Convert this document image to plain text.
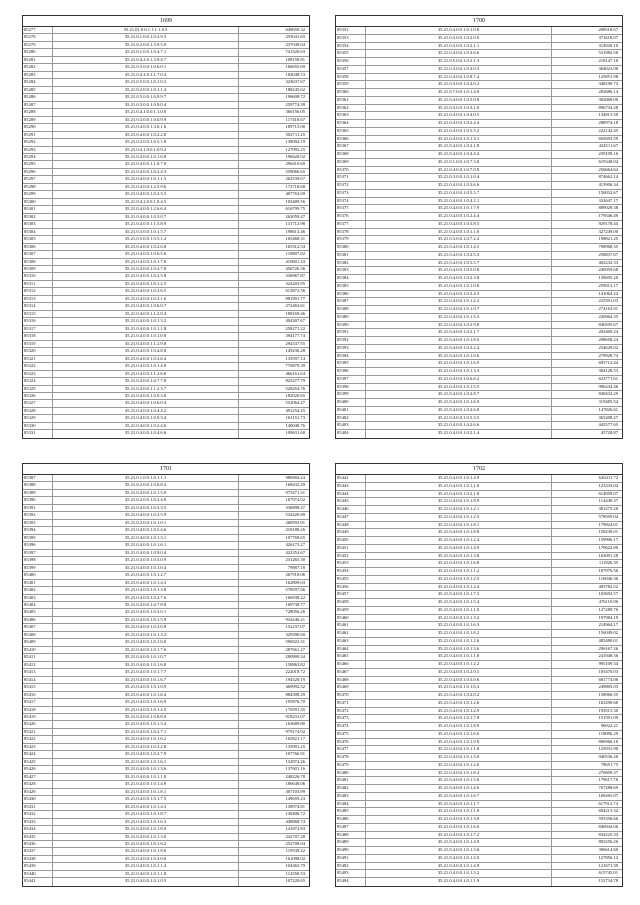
1699
85277	35.21.01.0.0.1.1.1.1.0.5	649650.32
85278	35.21.0.1.0.0.1.0.3.9.3	255041.65
85279	35.21.0.2.0.0.1.3.9.5.0	237049.04
85280	35.21.0.1.0.0.1.0.4.7.1	741520.63
85281	35.21.0.4.2.0.1.3.9.4.7	108158.81
85282	35.21.0.3.0.0.1.0.6.0.1	166655.69
85283	35.21.0.4.2.0.1.1.7.0.4	182048.53
85284	35.21.0.5.0.0.1.0.1.0.3	323637.67
85285	35.21.0.2.0.0.1.0.1.1.4	188245.62
85286	35.21.0.5.0.0.1.0.9.9.7	196608.72
85287	35.21.0.3.0.0.1.0.9.0.4	259774.39
85288	35.21.0.4.1.0.0.1.1.0.8	360156.05
85289	35.21.0.3.0.0.1.0.0.9.9	117418.67
85290	35.21.0.4.0.0.1.3.0.1.6	189715.00
85291	35.21.0.4.0.0.1.0.2.2.8	502711.25
85292	35.21.0.2.0.0.1.0.5.1.8	138094.19
85293	35.21.0.4.1.0.0.1.0.9.2	127092.25
85294	35.21.0.4.0.0.1.0.1.6.8	196620.02
85295	35.21.0.4.0.0.1.1.0.7.0	296410.69
85296	35.21.0.4.0.0.1.0.2.4.3	558066.65
85297	35.21.0.4.0.0.1.0.1.1.5	262539.67
85298	35.21.0.4.0.0.1.2.5.9.6	172718.68
85299	35.21.0.4.0.0.1.0.2.3.5	407763.69
85300	35.21.0.4.2.0.0.1.0.4.5	103409.56
85301	35.21.0.4.0.0.1.2.6.6.4	616799.75
85302	35.21.0.4.0.0.1.0.3.0.7	263059.47
85303	35.21.0.4.0.0.1.1.5.8.9	131712.98
85304	35.21.0.3.0.0.1.0.1.5.7	198613.46
85305	35.21.0.5.0.0.1.0.5.1.2	165468.31
85306	35.21.0.4.0.0.1.0.2.6.8	165312.54
85307	35.21.0.4.0.0.1.0.6.5.6	118807.82
85308	35.21.0.4.0.0.1.0.1.7.0	410601.43
85309	35.21.0.4.0.0.1.0.2.7.8	456726.36
85310	35.21.0.4.0.0.1.0.2.5.8	336967.87
85311	35.21.0.4.0.0.1.0.1.2.5	324203.85
85312	35.21.0.4.0.0.1.0.2.6.5	613872.56
85313	35.21.0.4.0.0.1.0.2.1.6	881991.77
85314	35.21.0.4.0.0.1.0.6.0.7	272463.61
85315	35.21.0.4.0.0.1.1.2.0.4	188169.46
85316	35.21.0.4.0.0.1.0.1.3.3	494307.67
85317	35.21.0.4.0.0.1.0.1.1.8	258271.22
85318	35.21.0.4.0.0.1.0.1.0.8	394177.74
85319	35.21.0.4.0.0.1.1.2.9.8	294337.55
85320	35.21.0.4.0.0.1.0.4.8.8	149236.28
85321	35.21.0.4.0.0.1.0.3.6.4	135597.14
85322	35.21.0.4.0.0.1.0.1.4.8	776879.39
85323	35.21.0.4.0.0.1.1.2.6.6	466161.64
85324	35.21.0.4.0.0.1.0.7.7.8	825477.79
85325	35.21.0.4.0.0.1.1.2.3.7	528454.76
85326	35.21.0.4.0.0.1.0.9.3.0	182020.65
85327	35.21.0.4.0.0.1.0.6.0.4	552064.27
85328	35.21.0.4.0.0.1.0.4.4.2	491254.25
85329	35.21.0.4.0.0.1.0.9.3.4	161151.73
85330	35.21.0.4.0.0.1.0.2.4.6	140048.76
85331	35.21.0.4.0.0.1.0.4.6.6	109631.68
1700
85352	35.21.0.4.0.0.1.0.1.0.8	208518.67
85353	35.21.0.3.0.0.1.0.2.0.0	371618.07
85354	35.21.0.3.0.0.1.0.2.1.1	314920.10
85355	35.21.0.4.0.0.1.0.3.6.6	531982.56
85356	35.21.0.5.0.0.1.0.2.1.3	218147.16
85357	35.21.0.3.0.0.1.0.3.0.3	364023.06
85358	35.21.0.4.0.0.1.0.8.7.4	125851.98
85359	35.21.0.3.0.0.1.0.4.0.2	348190.73
85360	35.21.0.7.0.0.1.0.1.4.8	282686.14
85361	35.21.0.4.0.0.1.0.5.0.8	302069.00
85362	35.21.0.3.0.0.1.0.3.1.0	896734.28
85363	35.21.0.4.0.0.1.0.4.0.5	134815.50
85364	35.21.0.4.0.0.1.0.2.4.4	288974.18
85365	35.21.0.4.0.0.1.0.5.5.2	222142.45
85366	35.21.0.4.0.0.1.0.1.3.1	695693.59
85367	35.21.0.4.0.0.1.0.2.1.8	424511.67
85368	35.21.0.4.0.0.1.0.4.4.4	239199.16
85369	35.21.0.1.0.0.1.0.7.3.8	619348.04
85370	35.21.0.4.0.0.1.0.7.0.9	256664.64
85371	35.21.0.3.0.0.1.0.1.0.4	874662.14
85372	35.21.0.4.0.0.1.0.3.6.6	413906.34
85373	35.21.0.4.0.0.1.0.5.5.7	150032.67
85374	35.21.0.4.0.0.1.0.4.2.1	332647.17
85375	35.21.0.4.0.0.1.0.1.7.9	889029.38
85376	35.21.0.4.0.0.1.0.2.4.4	179546.49
85377	35.21.0.4.0.0.1.0.3.8.5	929178.44
85378	35.21.0.4.0.0.1.0.1.1.0	327249.00
85379	35.21.0.3.0.0.1.0.7.2.2	198821.25
85380	35.21.0.4.0.0.1.0.1.4.5	798968.35
85381	35.21.0.4.0.0.1.0.2.5.3	258837.67
85382	35.21.0.4.0.0.1.0.5.5.7	402232.33
85383	35.21.0.4.0.0.1.0.5.0.8	240959.68
85384	35.21.0.4.0.0.1.0.2.3.8	139695.20
85385	35.21.0.4.0.0.1.0.1.0.8	259013.17
85386	35.21.0.4.0.0.1.0.3.4.3	141064.24
85387	35.21.0.4.0.0.1.0.1.2.2	225501.03
85388	35.21.0.4.0.0.1.0.1.0.7	274163.91
85389	35.21.0.4.0.0.1.0.1.5.3	226964.35
85390	35.21.0.4.0.0.1.0.2.9.8	846595.67
85391	35.21.0.4.0.0.1.0.2.1.7	202469.24
85392	35.21.0.4.0.0.1.0.1.8.5	208658.24
85393	35.21.0.4.0.0.1.0.3.2.4	254629.02
85394	35.21.0.4.0.0.1.0.1.0.6	279928.74
85395	35.21.0.4.0.0.1.0.1.6.9	695714.44
85396	35.21.0.4.0.0.1.0.1.3.3	304128.53
85397	35.21.0.4.0.0.1.0.6.6.2	623771.61
85398	35.21.0.4.0.0.1.0.1.5.5	996234.46
85399	35.21.0.4.0.0.1.0.2.8.7	840434.29
85400	35.21.0.4.0.0.1.0.1.6.9	319485.54
85401	35.21.0.4.0.0.1.0.2.6.0	147826.61
85402	35.21.0.4.0.0.1.0.5.3.5	365208.27
85403	35.21.0.4.0.0.1.0.2.6.6	445577.65
85404	35.21.0.4.0.0.1.0.2.1.4	45728.87
1701
85387	35.21.0.1.0.0.1.0.1.1.1	986904.24
85388	35.21.0.2.0.0.1.0.0.8.4	168432.29
85389	35.21.0.4.0.0.1.0.1.5.0	975471.31
85390	35.21.0.2.0.0.1.0.2.4.8	167974.02
85391	35.21.0.4.0.0.1.0.3.3.5	336898.47
85392	35.21.0.4.0.0.1.0.2.5.9	534426.89
85393	35.21.0.2.0.0.1.0.1.0.1	268593.91
85394	35.21.0.4.0.0.1.0.5.4.6	218188.26
85395	35.21.0.4.0.0.1.0.1.3.1	107769.65
85396	35.21.0.4.0.0.1.0.1.6.1	426173.27
85397	35.21.0.4.0.0.1.0.9.0.4	422352.67
85398	35.21.0.3.0.0.1.0.5.0.9	231265.30
85399	35.21.0.4.0.0.1.0.1.0.4	79887.18
85400	35.21.0.4.0.0.1.0.1.2.7	267918.06
85401	35.21.0.4.0.0.1.0.1.4.3	162809.63
85402	35.21.0.4.0.0.1.0.1.3.8	578597.66
85403	35.21.0.4.0.0.1.0.2.7.6	166938.22
85404	35.21.0.4.0.0.1.0.7.8.8	169738.77
85405	35.21.0.4.0.0.1.0.3.0.1	728056.26
85406	35.21.0.4.0.0.1.0.1.5.9	934246.21
85407	35.21.0.4.0.0.1.0.2.0.8	152237.07
85408	35.21.0.4.0.0.1.0.1.3.2	329390.60
85409	35.21.0.4.0.0.1.0.1.0.0	596922.31
85410	35.21.0.4.0.0.1.0.1.7.6	287661.27
85411	35.21.0.4.0.0.1.0.1.0.7	280909.34
85412	35.21.0.4.0.0.1.0.1.6.8	158863.82
85413	35.21.0.4.0.0.1.0.1.7.7	222018.72
85414	35.21.0.4.0.0.1.0.1.6.7	194528.19
85415	35.21.0.4.0.0.1.0.1.0.9	469992.32
85416	35.21.0.4.0.0.1.0.1.6.4	884308.29
85417	35.21.0.4.0.0.1.0.1.6.9	195876.70
85418	35.21.0.4.0.0.1.0.1.2.5	176591.35
85419	35.21.0.4.0.0.1.0.8.8.9	918231.07
85420	35.21.0.4.0.0.1.0.1.3.4	163689.80
85421	35.21.0.4.0.0.1.0.2.7.1	979174.02
85422	35.21.0.4.0.0.1.0.1.6.2	165821.17
85423	35.21.0.4.0.0.1.0.2.2.8	135991.25
85424	35.21.0.4.0.0.1.0.2.7.9	107766.91
85425	35.21.0.4.0.0.1.0.1.6.1	132874.26
85426	35.21.0.4.0.0.1.0.1.3.6	137601.16
85427	35.21.0.4.0.0.1.0.1.1.8	248226.78
85428	35.21.0.4.0.0.1.0.1.4.9	186649.06
85429	35.21.0.4.0.0.1.0.1.8.1	307103.89
85430	35.21.0.4.0.0.1.0.1.7.5	149659.23
85431	35.21.0.4.0.0.1.0.1.4.3	138974.81
85432	35.21.0.4.0.0.1.0.1.8.7	149406.72
85433	35.21.0.4.0.0.1.0.1.6.3	448868.74
85434	35.21.0.4.0.0.1.0.1.8.9	141872.83
85435	35.21.0.4.0.0.1.0.1.3.0	242707.28
85436	35.21.0.4.0.0.1.0.1.6.2	252708.04
85437	35.21.0.4.0.0.1.0.1.8.6	119539.22
85438	35.21.0.4.0.0.1.0.3.0.0	161098.02
85439	35.21.0.4.0.0.1.0.1.1.4	104363.79
85440	35.21.0.4.0.0.1.0.1.1.8	112558.53
85441	35.21.0.4.0.0.1.0.1.0.5	107220.65
1702
85442	35.21.0.4.0.0.1.0.1.4.9	620411.72
85443	35.21.0.4.0.0.1.0.1.1.0	123333.04
85444	35.21.0.4.0.0.1.0.2.1.8	614958.07
85445	35.21.0.4.0.0.1.0.1.8.9	114449.37
85446	35.21.0.4.0.0.1.0.1.2.1	381275.26
85447	35.21.0.4.0.0.1.0.1.2.5	578959.04
85448	35.21.0.4.0.0.1.0.1.8.1	179824.01
85449	35.21.0.4.0.0.1.0.1.8.8	158230.01
85450	35.21.0.4.0.0.1.0.1.2.4	159906.17
85451	35.21.0.4.0.0.1.0.1.4.9	170622.80
85452	35.21.0.4.0.0.1.0.1.3.8	162091.28
85453	35.21.0.4.0.0.1.0.1.6.8	111820.35
85454	35.21.0.4.0.0.1.0.1.1.2	187976.56
85455	35.21.0.4.0.0.1.0.1.2.5	116046.36
85456	35.21.0.4.0.0.1.0.1.2.4	483782.52
85457	35.21.0.4.0.0.1.0.1.7.5	103692.57
85458	35.21.0.4.0.0.1.0.1.5.4	476110.96
85459	35.21.0.4.0.0.1.0.1.1.0	127289.76
85460	35.21.0.4.0.0.1.0.1.3.2	197984.19
85461	35.21.0.4.0.0.1.0.1.6.3	214964.17
85462	35.21.0.4.0.0.1.0.1.8.2	156049.02
85463	35.21.0.4.0.0.1.0.1.2.6	485480.01
85464	35.21.0.4.0.0.1.0.1.3.6	296167.26
85465	35.21.0.4.0.0.1.0.1.1.8	241948.36
85466	35.21.0.4.0.0.1.0.1.2.2	995109.34
85467	35.21.0.4.0.0.1.0.2.0.5	105470.03
85468	35.21.0.4.0.0.1.0.3.0.6	681774.06
85469	35.21.0.4.0.0.1.0.1.6.3	249805.03
85470	35.21.0.4.0.0.1.0.2.0.2	158066.55
85471	35.21.0.4.0.0.1.0.1.2.6	163290.66
85472	35.21.0.4.0.0.1.0.1.2.9	193515.30
85473	35.21.0.4.0.0.1.0.1.7.8	151591.09
85474	35.21.0.4.0.0.1.0.1.8.9	96022.21
85475	35.21.0.4.0.0.1.0.1.6.6	118096.29
85476	35.21.0.4.0.0.1.0.1.9.8	806966.16
85477	35.21.0.4.0.0.1.0.1.1.8	125931.90
85478	35.21.0.4.0.0.1.0.1.5.0	940536.26
85479	35.21.0.4.0.0.1.0.1.2.6	78651.75
85480	35.21.0.4.0.0.1.0.1.8.4	270609.37
85481	35.21.0.4.0.0.1.0.1.5.0	179617.76
85482	35.21.0.4.0.0.1.0.1.4.6	767288.69
85483	35.21.0.4.0.0.1.0.1.6.7	169265.07
85484	35.21.0.4.0.0.1.0.1.1.7	617912.74
85485	35.21.0.4.0.0.1.0.1.1.8	694213.32
85486	35.21.0.4.0.0.1.0.1.3.0	593356.66
85487	35.21.0.4.0.0.1.0.1.6.0	846944.06
85488	35.21.0.4.0.0.1.0.1.7.2	834225.33
85489	35.21.0.4.0.0.1.0.1.4.9	803256.26
85490	35.21.0.4.0.0.1.0.1.3.6	396614.60
85491	35.21.0.4.0.0.1.0.1.2.0	127856.13
85492	35.21.0.4.0.0.1.0.1.4.9	121671.39
85493	35.21.0.4.0.0.1.0.1.3.2	615745.01
85494	35.21.0.4.0.0.1.0.1.1.9	152734.78
